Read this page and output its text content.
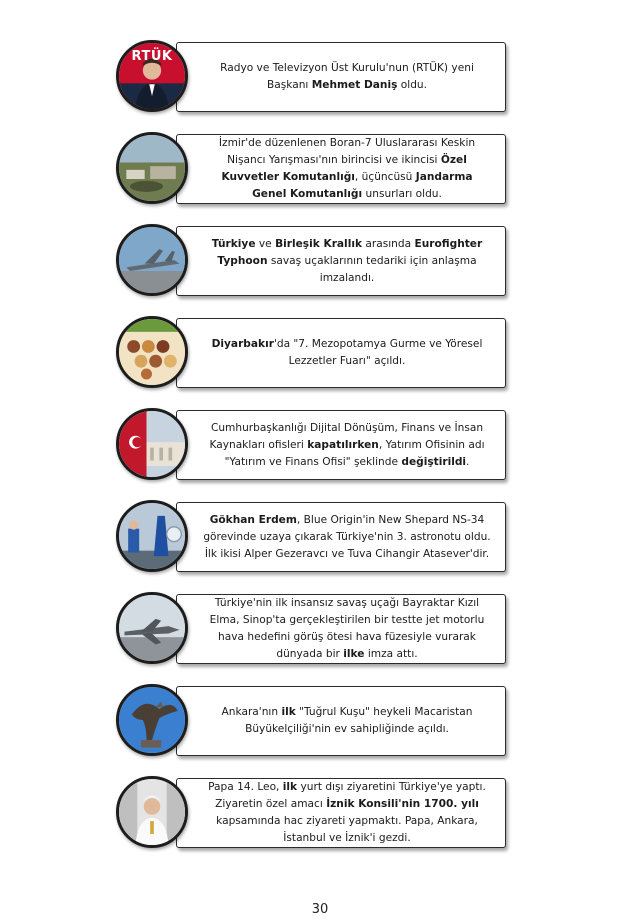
Radyo ve Televizyon Üst Kurulu'nun (RTÜK) yeni Başkanı Mehmet Daniş oldu.
RTÜK
İzmir'de düzenlenen Boran-7 Uluslararası Keskin Nişancı Yarışması'nın birincisi ve ikincisi Özel Kuvvetler Komutanlığı, üçüncüsü Jandarma Genel Komutanlığı unsurları oldu.
Türkiye ve Birleşik Krallık arasında Eurofighter Typhoon savaş uçaklarının tedariki için anlaşma imzalandı.
Diyarbakır'da "7. Mezopotamya Gurme ve Yöresel Lezzetler Fuarı" açıldı.
Cumhurbaşkanlığı Dijital Dönüşüm, Finans ve İnsan Kaynakları ofisleri kapatılırken, Yatırım Ofisinin adı "Yatırım ve Finans Ofisi" şeklinde değiştirildi.
Gökhan Erdem, Blue Origin'in New Shepard NS-34 görevinde uzaya çıkarak Türkiye'nin 3. astronotu oldu. İlk ikisi Alper Gezeravcı ve Tuva Cihangir Atasever'dir.
Türkiye'nin ilk insansız savaş uçağı Bayraktar Kızıl Elma, Sinop'ta gerçekleştirilen bir testte jet motorlu hava hedefini görüş ötesi hava füzesiyle vurarak dünyada bir ilke imza attı.
Ankara'nın ilk "Tuğrul Kuşu" heykeli Macaristan Büyükelçiliği'nin ev sahipliğinde açıldı.
Papa 14. Leo, ilk yurt dışı ziyaretini Türkiye'ye yaptı. Ziyaretin özel amacı İznik Konsili'nin 1700. yılı kapsamında hac ziyareti yapmaktı. Papa, Ankara, İstanbul ve İznik'i gezdi.
30
